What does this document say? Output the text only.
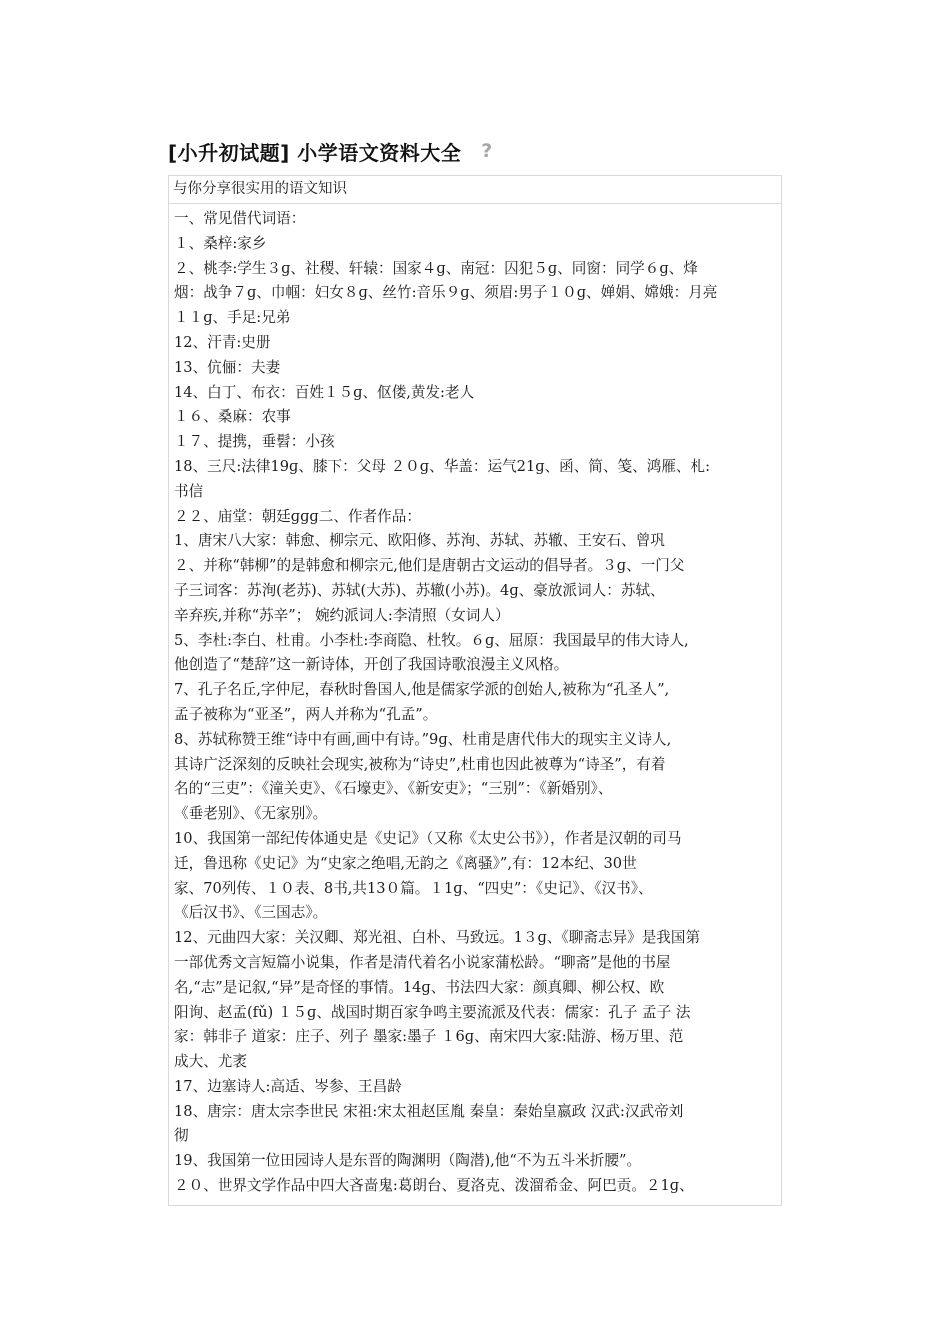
[小升初试题] 小学语文资料大全 ?
与你分享很实用的语文知识
一、常见借代词语：
１、桑梓:家乡
２、桃李:学生３ɡ、社稷、轩辕：国家４ɡ、南冠：囚犯５ɡ、同窗：同学６ɡ、烽
烟：战争７ɡ、巾帼：妇女８ɡ、丝竹:音乐９ɡ、须眉:男子１０ɡ、婵娟、嫦娥：月亮
１１ɡ、手足:兄弟
12、汗青:史册
13、伉俪：夫妻
14、白丁、布衣：百姓１５ɡ、伛偻,黄发:老人
１６、桑麻：农事
１７、提携，垂髫：小孩
18、三尺:法律19ɡ、膝下：父母 ２０ɡ、华盖：运气21ɡ、函、简、笺、鸿雁、札:
书信
２２、庙堂：朝廷ɡɡɡ二、作者作品：
1、唐宋八大家：韩愈、柳宗元、欧阳修、苏洵、苏轼、苏辙、王安石、曾巩
２、并称“韩柳”的是韩愈和柳宗元,他们是唐朝古文运动的倡导者。３ɡ、一门父
子三词客：苏洵(老苏)、苏轼(大苏)、苏辙(小苏)。4ɡ、豪放派词人：苏轼、
辛弃疾,并称“苏辛”； 婉约派词人:李清照（女词人）
5、李杜:李白、杜甫。小李杜:李商隐、杜牧。６ɡ、屈原：我国最早的伟大诗人,
他创造了“楚辞”这一新诗体，开创了我国诗歌浪漫主义风格。
7、孔子名丘,字仲尼，春秋时鲁国人,他是儒家学派的创始人,被称为“孔圣人”,
孟子被称为“亚圣”，两人并称为“孔孟”。
8、苏轼称赞王维“诗中有画,画中有诗。”9ɡ、杜甫是唐代伟大的现实主义诗人,
其诗广泛深刻的反映社会现实,被称为“诗史”,杜甫也因此被尊为“诗圣”，有着
名的“三吏”：《潼关吏》、《石壕吏》、《新安吏》；“三别”：《新婚别》、
《垂老别》、《无家别》。
10、我国第一部纪传体通史是《史记》（又称《太史公书》），作者是汉朝的司马
迁，鲁迅称《史记》为“史家之绝唱,无韵之《离骚》”,有：12本纪、30世
家、70列传、１０表、8书,共13０篇。１1ɡ、“四史”：《史记》、《汉书》、
《后汉书》、《三国志》。
12、元曲四大家：关汉卿、郑光祖、白朴、马致远。1３ɡ、《聊斋志异》是我国第
一部优秀文言短篇小说集，作者是清代着名小说家蒲松龄。“聊斋”是他的书屋
名,“志”是记叙,“异”是奇怪的事情。14ɡ、书法四大家：颜真卿、柳公权、欧
阳询、赵孟(fǔ) １５ɡ、战国时期百家争鸣主要流派及代表：儒家：孔子 孟子 法
家：韩非子 道家：庄子、列子 墨家:墨子 １6ɡ、南宋四大家:陆游、杨万里、范
成大、尤袤
17、边塞诗人:高适、岑参、王昌龄
18、唐宗：唐太宗李世民 宋祖:宋太祖赵匡胤 秦皇：秦始皇嬴政 汉武:汉武帝刘
彻
19、我国第一位田园诗人是东晋的陶渊明（陶潜),他“不为五斗米折腰”。
２０、世界文学作品中四大吝啬鬼:葛朗台、夏洛克、泼溜希金、阿巴贡。２1ɡ、
